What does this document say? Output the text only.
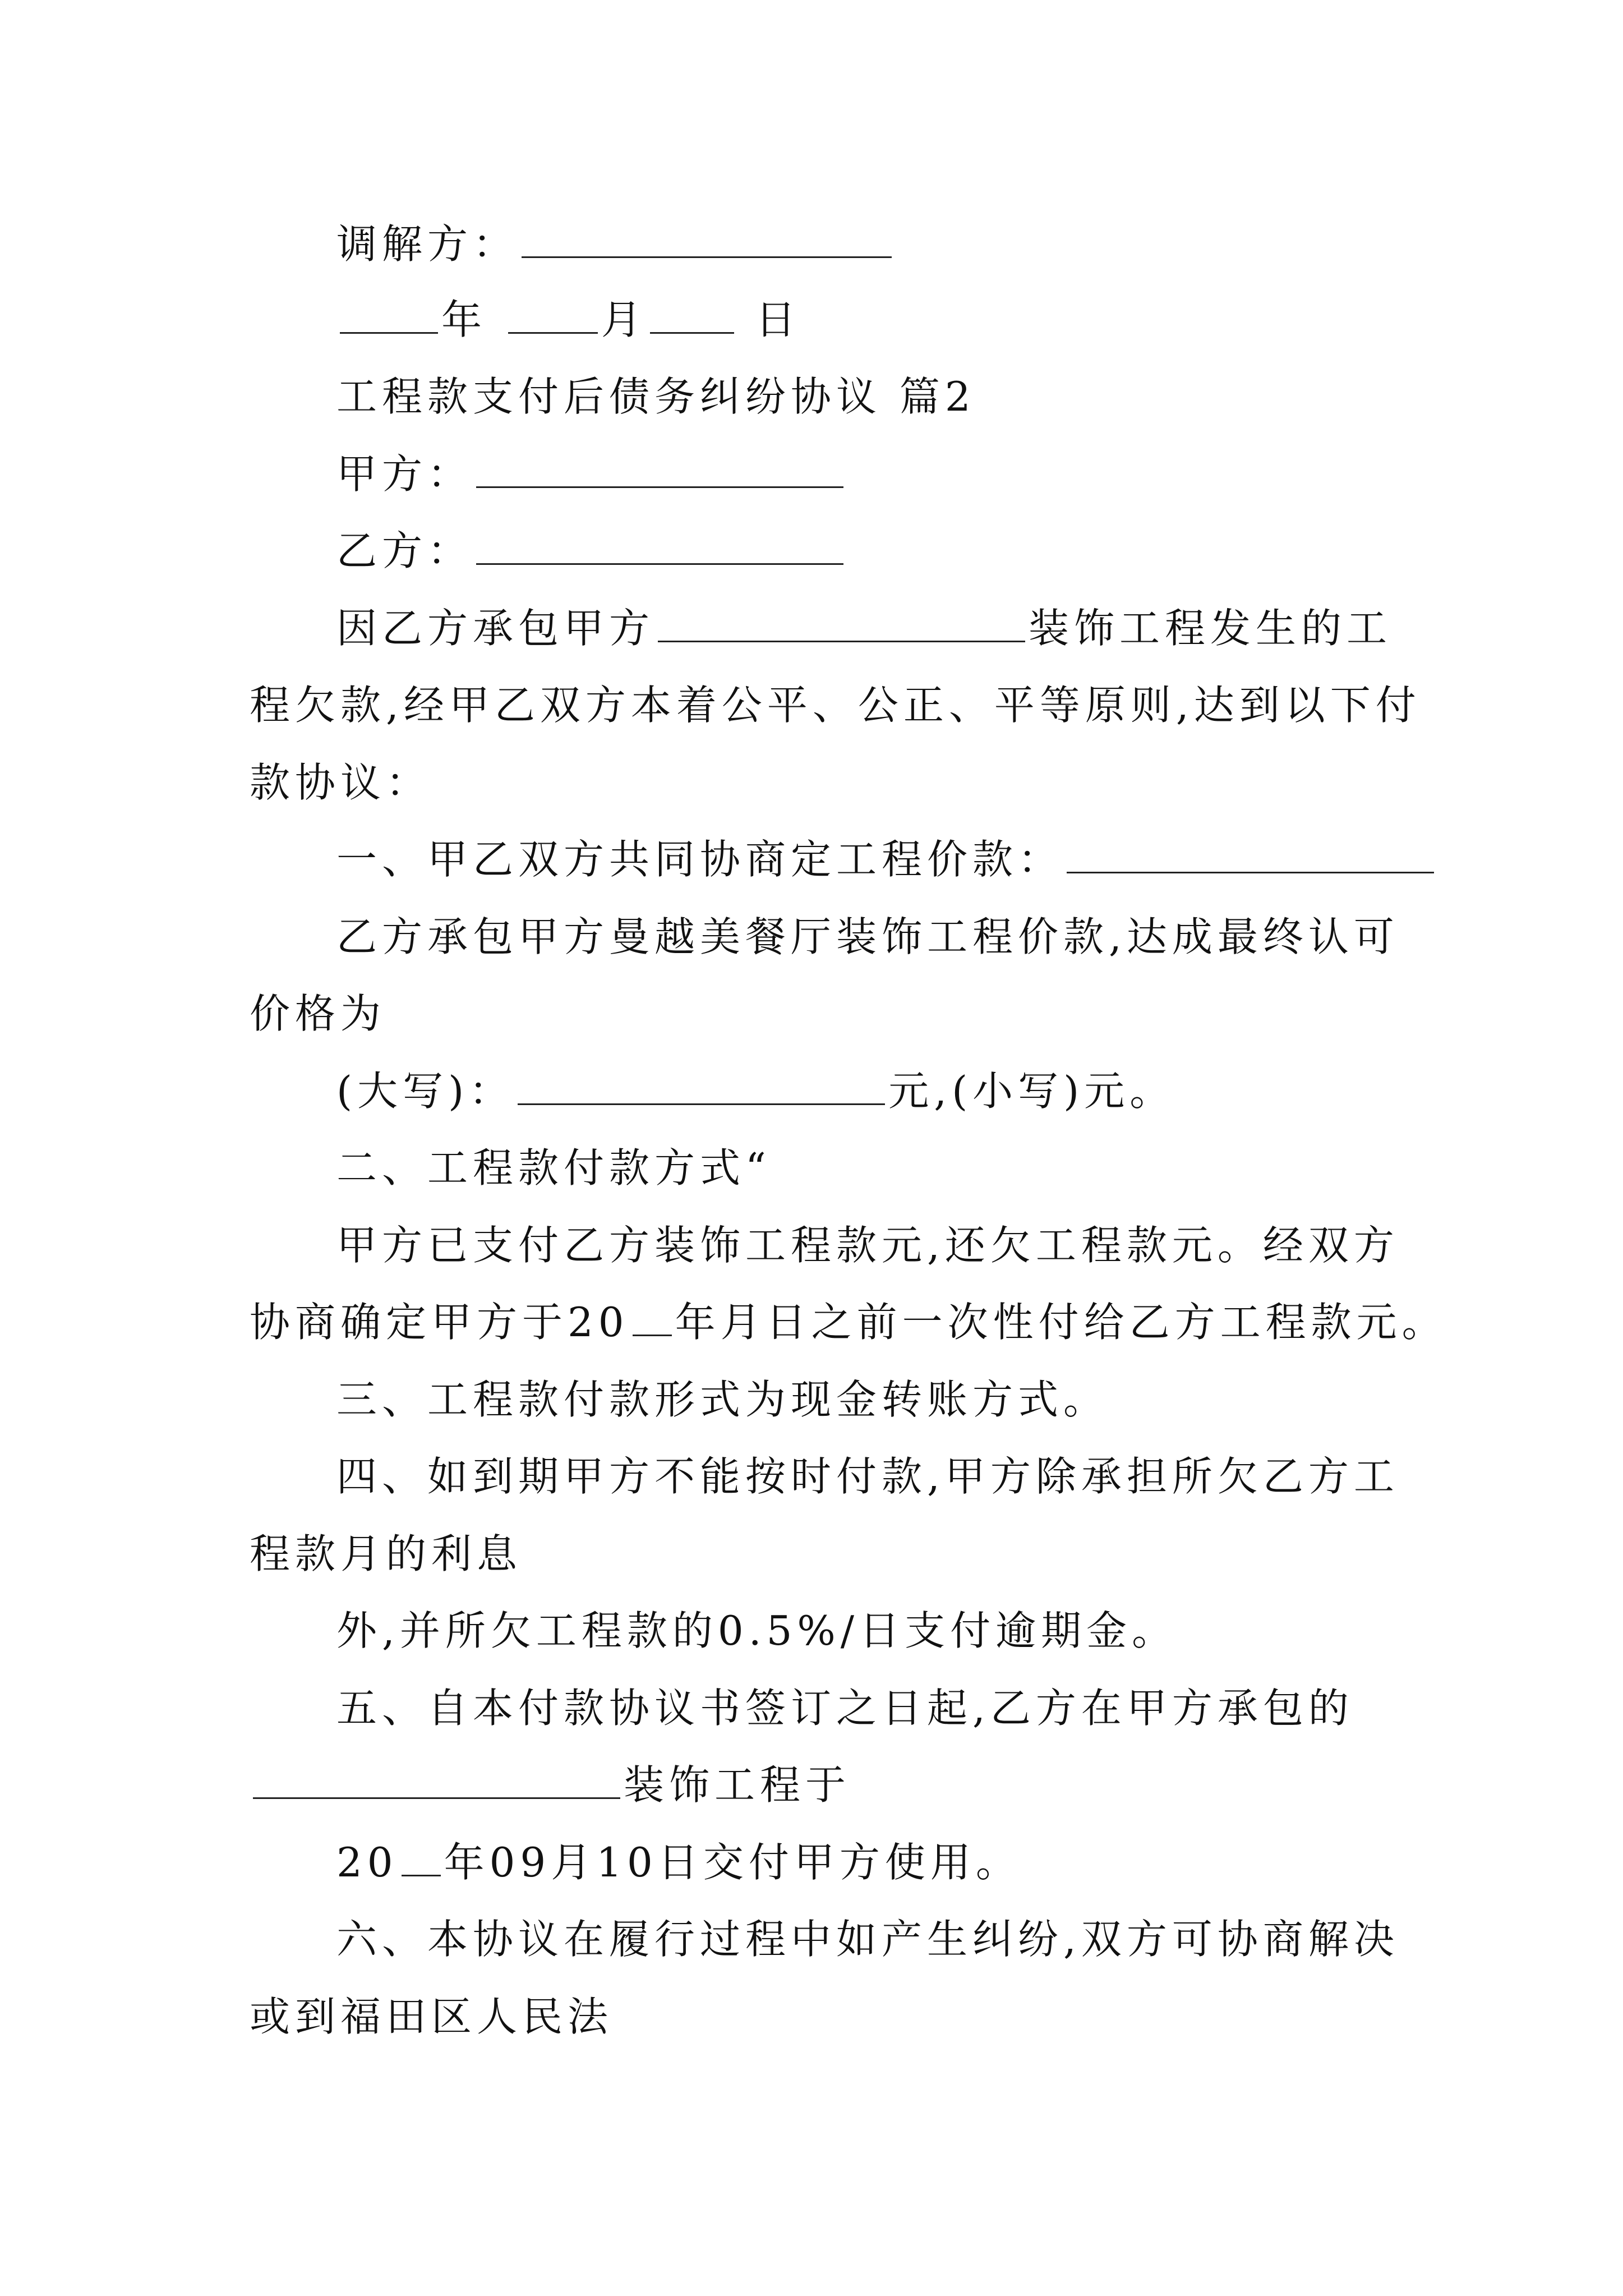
调解方：
年	月	日
工程款支付后债务纠纷协议 篇2
甲方：
乙方：
因乙方承包甲方	装饰工程发生的工
程欠款,经甲乙双方本着公平、公正、平等原则,达到以下付
款协议：
一、甲乙双方共同协商定工程价款：
乙方承包甲方曼越美餐厅装饰工程价款,达成最终认可
价格为
(大写)：	元,(小写)元。
二、工程款付款方式“
甲方已支付乙方装饰工程款元,还欠工程款元。经双方
协商确定甲方于20 年月日之前一次性付给乙方工程款元。
三、工程款付款形式为现金转账方式。
四、如到期甲方不能按时付款,甲方除承担所欠乙方工
程款月的利息
外,并所欠工程款的0.5%/日支付逾期金。
五、自本付款协议书签订之日起,乙方在甲方承包的
装饰工程于
20 年09月10日交付甲方使用。
六、本协议在履行过程中如产生纠纷,双方可协商解决
或到福田区人民法
